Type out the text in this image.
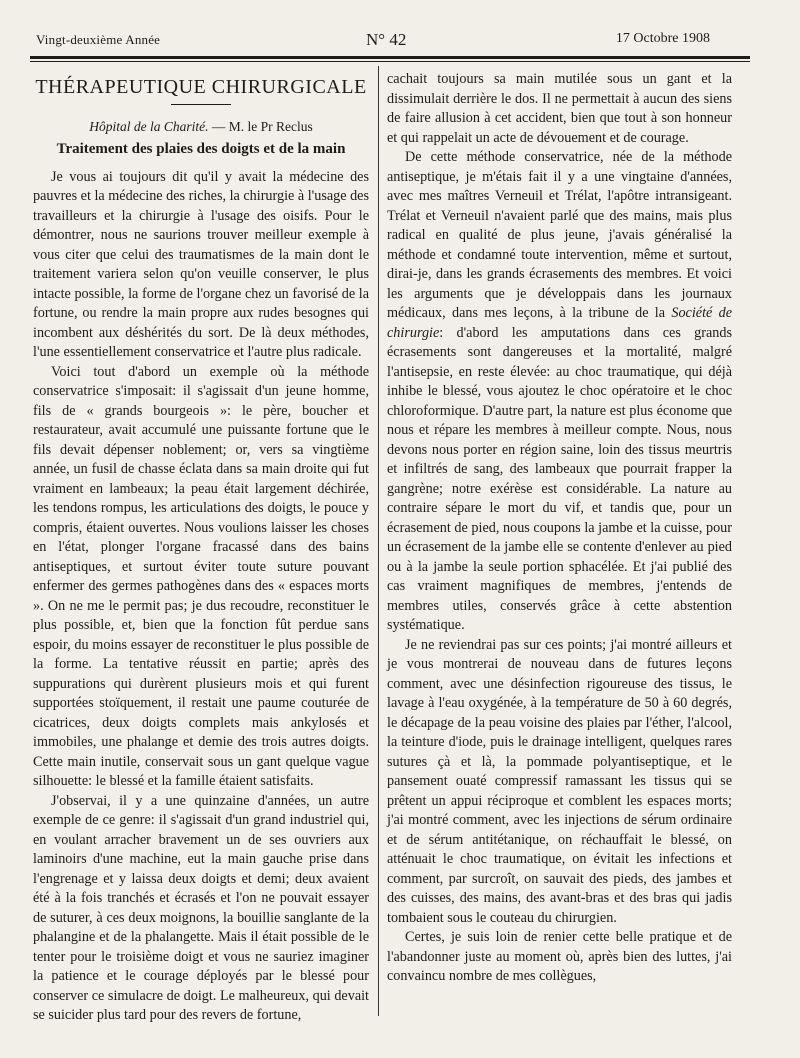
Vingt-deuxième Année	N° 42	17 Octobre 1908
THÉRAPEUTIQUE CHIRURGICALE
Hôpital de la Charité. — M. le Pr Reclus
Traitement des plaies des doigts et de la main

Je vous ai toujours dit qu'il y avait la médecine des pauvres et la médecine des riches, la chirurgie à l'usage des travailleurs et la chirurgie à l'usage des oisifs. Pour le démontrer, nous ne saurions trouver meilleur exemple à vous citer que celui des traumatismes de la main dont le traitement variera selon qu'on veuille conserver, le plus intacte possible, la forme de l'organe chez un favorisé de la fortune, ou rendre la main propre aux rudes besognes qui incombent aux déshérités du sort. De là deux méthodes, l'une essentiellement conservatrice et l'autre plus radicale.

Voici tout d'abord un exemple où la méthode conservatrice s'imposait: il s'agissait d'un jeune homme, fils de « grands bourgeois »: le père, boucher et restaurateur, avait accumulé une puissante fortune que le fils devait dépenser noblement; or, vers sa vingtième année, un fusil de chasse éclata dans sa main droite qui fut vraiment en lambeaux; la peau était largement déchirée, les tendons rompus, les articulations des doigts, le pouce y compris, étaient ouvertes. Nous voulions laisser les choses en l'état, plonger l'organe fracassé dans des bains antiseptiques, et surtout éviter toute suture pouvant enfermer des germes pathogènes dans des « espaces morts ». On ne me le permit pas; je dus recoudre, reconstituer le plus possible, et, bien que la fonction fût perdue sans espoir, du moins essayer de reconstituer le plus possible de la forme. La tentative réussit en partie; après des suppurations qui durèrent plusieurs mois et qui furent supportées stoïquement, il restait une paume couturée de cicatrices, deux doigts complets mais ankylosés et immobiles, une phalange et demie des trois autres doigts. Cette main inutile, conservait sous un gant quelque vague silhouette: le blessé et la famille étaient satisfaits.

J'observai, il y a une quinzaine d'années, un autre exemple de ce genre: il s'agissait d'un grand industriel qui, en voulant arracher bravement un de ses ouvriers aux laminoirs d'une machine, eut la main gauche prise dans l'engrenage et y laissa deux doigts et demi; deux avaient été à la fois tranchés et écrasés et l'on ne pouvait essayer de suturer, à ces deux moignons, la bouillie sanglante de la phalangine et de la phalangette. Mais il était possible de le tenter pour le troisième doigt et vous ne sauriez imaginer la patience et le courage déployés par le blessé pour conserver ce simulacre de doigt. Le malheureux, qui devait se suicider plus tard pour des revers de fortune,

cachait toujours sa main mutilée sous un gant et la dissimulait derrière le dos. Il ne permettait à aucun des siens de faire allusion à cet accident, bien que tout à son honneur et qui rappelait un acte de dévouement et de courage.

De cette méthode conservatrice, née de la méthode antiseptique, je m'étais fait il y a une vingtaine d'années, avec mes maîtres Verneuil et Trélat, l'apôtre intransigeant. Trélat et Verneuil n'avaient parlé que des mains, mais plus radical en qualité de plus jeune, j'avais généralisé la méthode et condamné toute intervention, même et surtout, dirai-je, dans les grands écrasements des membres. Et voici les arguments que je développais dans les journaux médicaux, dans mes leçons, à la tribune de la Société de chirurgie: d'abord les amputations dans ces grands écrasements sont dangereuses et la mortalité, malgré l'antisepsie, en reste élevée: au choc traumatique, qui déjà inhibe le blessé, vous ajoutez le choc opératoire et le choc chloroformique. D'autre part, la nature est plus économe que nous et répare les membres à meilleur compte. Nous, nous devons nous porter en région saine, loin des tissus meurtris et infiltrés de sang, des lambeaux que pourrait frapper la gangrène; notre exérèse est considérable. La nature au contraire sépare le mort du vif, et tandis que, pour un écrasement de pied, nous coupons la jambe et la cuisse, pour un écrasement de la jambe elle se contente d'enlever au pied ou à la jambe la seule portion sphacélée. Et j'ai publié des cas vraiment magnifiques de membres, j'entends de membres utiles, conservés grâce à cette abstention systématique.

Je ne reviendrai pas sur ces points; j'ai montré ailleurs et je vous montrerai de nouveau dans de futures leçons comment, avec une désinfection rigoureuse des tissus, le lavage à l'eau oxygénée, à la température de 50 à 60 degrés, le décapage de la peau voisine des plaies par l'éther, l'alcool, la teinture d'iode, puis le drainage intelligent, quelques rares sutures çà et là, la pommade polyantiseptique, et le pansement ouaté compressif ramassant les tissus qui se prêtent un appui réciproque et comblent les espaces morts; j'ai montré comment, avec les injections de sérum ordinaire et de sérum antitétanique, on réchauffait le blessé, on atténuait le choc traumatique, on évitait les infections et comment, par surcroît, on sauvait des pieds, des jambes et des cuisses, des mains, des avant-bras et des bras qui jadis tombaient sous le couteau du chirurgien.

Certes, je suis loin de renier cette belle pratique et de l'abandonner juste au moment où, après bien des luttes, j'ai convaincu nombre de mes collègues,
